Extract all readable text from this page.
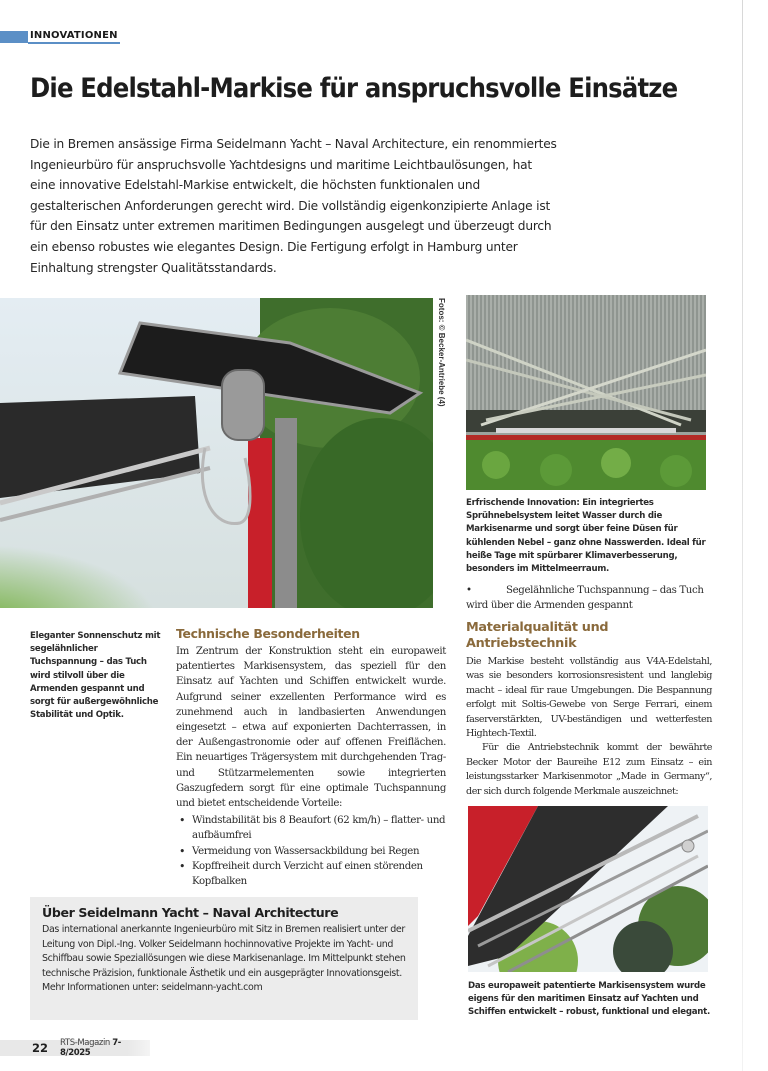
INNOVATIONEN
Die Edelstahl-Markise für anspruchsvolle Einsätze

Die in Bremen ansässige Firma Seidelmann Yacht – Naval Architecture, ein renommiertes Ingenieurbüro für anspruchsvolle Yachtdesigns und maritime Leichtbaulösungen, hat eine innovative Edelstahl-Markise entwickelt, die höchsten funktionalen und gestalterischen Anforderungen gerecht wird. Die vollständig eigenkonzipierte Anlage ist für den Einsatz unter extremen maritimen Bedingungen ausgelegt und überzeugt durch ein ebenso robustes wie elegantes Design. Die Fertigung erfolgt in Hamburg unter Einhaltung strengster Qualitätsstandards.

Fotos: © Becker-Antriebe (4)

Erfrischende Innovation: Ein integriertes Sprühnebelsystem leitet Wasser durch die Markisenarme und sorgt über feine Düsen für kühlenden Nebel – ganz ohne Nasswerden. Ideal für heiße Tage mit spürbarer Klimaverbesserung, besonders im Mittelmeerraum.

•	Segelähnliche Tuchspannung – das Tuch wird über die Armenden gespannt

Eleganter Sonnenschutz mit segelähnlicher Tuchspannung – das Tuch wird stilvoll über die Armenden gespannt und sorgt für außergewöhnliche Stabilität und Optik.

Technische Besonderheiten

Im Zentrum der Konstruktion steht ein europaweit patentiertes Markisensystem, das speziell für den Einsatz auf Yachten und Schiffen entwickelt wurde. Aufgrund seiner exzellenten Performance wird es zunehmend auch in landbasierten Anwendungen eingesetzt – etwa auf exponierten Dachterrassen, in der Außengastronomie oder auf offenen Freiflächen. Ein neuartiges Trägersystem mit durchgehenden Trag- und Stützarmelementen sowie integrierten Gaszugfedern sorgt für eine optimale Tuchspannung und bietet entscheidende Vorteile:

• Windstabilität bis 8 Beaufort (62 km/h) – flatter- und aufbäumfrei
• Vermeidung von Wassersackbildung bei Regen
• Kopffreiheit durch Verzicht auf einen störenden Kopfbalken
Materialqualität und Antriebstechnik

Die Markise besteht vollständig aus V4A-Edelstahl, was sie besonders korrosionsresistent und langlebig macht – ideal für raue Umgebungen. Die Bespannung erfolgt mit Soltis-Gewebe von Serge Ferrari, einem faserverstärkten, UV-beständigen und wetterfesten Hightech-Textil.

Für die Antriebstechnik kommt der bewährte Becker Motor der Baureihe E12 zum Einsatz – ein leistungsstarker Markisenmotor „Made in Germany“, der sich durch folgende Merkmale auszeichnet:

Das europaweit patentierte Markisensystem wurde eigens für den maritimen Einsatz auf Yachten und Schiffen entwickelt – robust, funktional und elegant.

Über Seidelmann Yacht – Naval Architecture

Das international anerkannte Ingenieurbüro mit Sitz in Bremen realisiert unter der Leitung von Dipl.-Ing. Volker Seidelmann hochinnovative Projekte im Yacht- und Schiffbau sowie Speziallösungen wie diese Markisenanlage. Im Mittelpunkt stehen technische Präzision, funktionale Ästhetik und ein ausgeprägter Innovationsgeist.

Mehr Informationen unter: seidelmann-yacht.com

22 RTS-Magazin 7-8/2025
